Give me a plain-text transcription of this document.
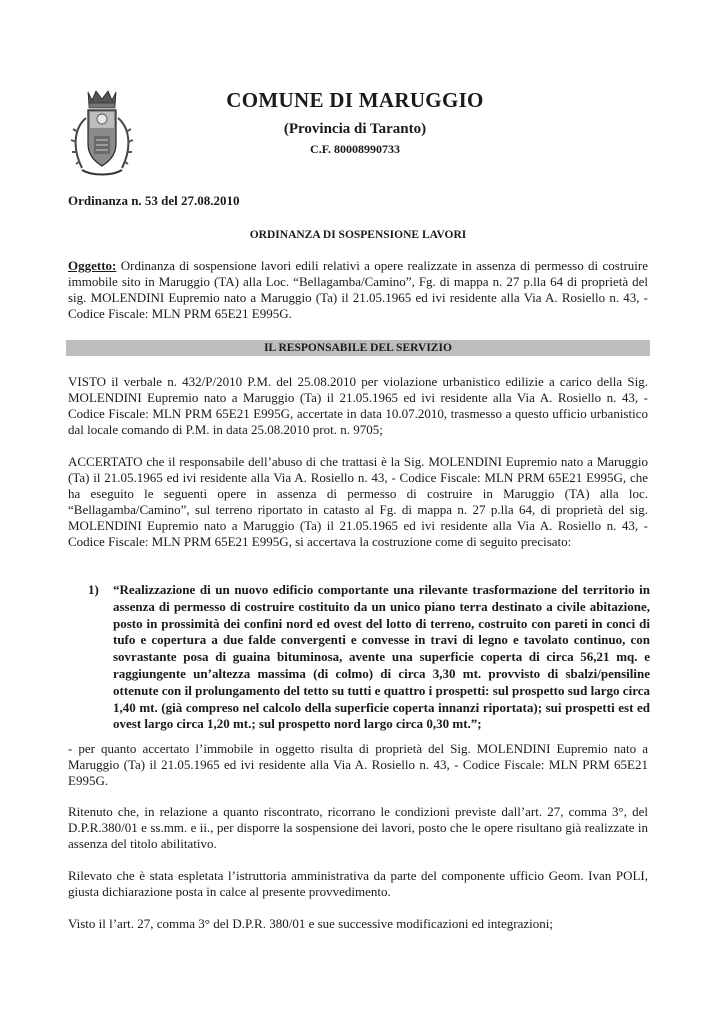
COMUNE DI MARUGGIO
(Provincia di Taranto)
C.F. 80008990733
Ordinanza n. 53 del 27.08.2010
ORDINANZA DI SOSPENSIONE LAVORI
Oggetto: Ordinanza di sospensione lavori edili relativi a opere realizzate in assenza di permesso di costruire immobile sito in Maruggio (TA) alla Loc. “Bellagamba/Camino”, Fg. di mappa n. 27 p.lla 64 di proprietà del sig. MOLENDINI Eupremio nato a Maruggio (Ta) il 21.05.1965 ed ivi residente alla Via A. Rosiello n. 43, - Codice Fiscale: MLN PRM 65E21 E995G.
IL RESPONSABILE DEL SERVIZIO
VISTO il verbale n. 432/P/2010 P.M. del 25.08.2010 per violazione urbanistico edilizie a carico della Sig. MOLENDINI Eupremio nato a Maruggio (Ta) il 21.05.1965 ed ivi residente alla Via A. Rosiello n. 43, - Codice Fiscale: MLN PRM 65E21 E995G, accertate in data 10.07.2010, trasmesso a questo ufficio urbanistico dal locale comando di P.M. in data 25.08.2010 prot. n. 9705;
ACCERTATO che il responsabile dell’abuso di che trattasi è la Sig. MOLENDINI Eupremio nato a Maruggio (Ta) il 21.05.1965 ed ivi residente alla Via A. Rosiello n. 43, - Codice Fiscale: MLN PRM 65E21 E995G, che ha eseguito le seguenti opere in assenza di permesso di costruire in Maruggio (TA) alla loc. “Bellagamba/Camino”, sul terreno riportato in catasto al Fg. di mappa n. 27 p.lla 64, di proprietà del sig. MOLENDINI Eupremio nato a Maruggio (Ta) il 21.05.1965 ed ivi residente alla Via A. Rosiello n. 43, - Codice Fiscale: MLN PRM 65E21 E995G, si accertava la costruzione come di seguito precisato:
1) “Realizzazione di un nuovo edificio comportante una rilevante trasformazione del territorio in assenza di permesso di costruire costituito da un unico piano terra destinato a civile abitazione, posto in prossimità dei confini nord ed ovest del lotto di terreno, costruito con pareti in conci di tufo e copertura a due falde convergenti e convesse in travi di legno e tavolato continuo, con sovrastante posa di guaina bituminosa, avente una superficie coperta di circa 56,21 mq. e raggiungente un’altezza massima (di colmo) di circa 3,30 mt. provvisto di sbalzi/pensiline ottenute con il prolungamento del tetto su tutti e quattro i prospetti: sul prospetto sud largo circa 1,40 mt. (già compreso nel calcolo della superficie coperta innanzi riportata); sui prospetti est ed ovest largo circa 1,20 mt.; sul prospetto nord largo circa 0,30 mt.”;
- per quanto accertato l’immobile in oggetto risulta di proprietà del Sig. MOLENDINI Eupremio nato a Maruggio (Ta) il 21.05.1965 ed ivi residente alla Via A. Rosiello n. 43, - Codice Fiscale: MLN PRM 65E21 E995G.
Ritenuto che, in relazione a quanto riscontrato, ricorrano le condizioni previste dall’art. 27, comma 3°, del D.P.R.380/01 e ss.mm. e ii., per disporre la sospensione dei lavori, posto che le opere risultano già realizzate in assenza del titolo abilitativo.
Rilevato che è stata espletata l’istruttoria amministrativa da parte del componente ufficio Geom. Ivan POLI, giusta dichiarazione posta in calce al presente provvedimento.
Visto il l’art. 27, comma 3° del D.P.R. 380/01 e sue successive modificazioni ed integrazioni;
